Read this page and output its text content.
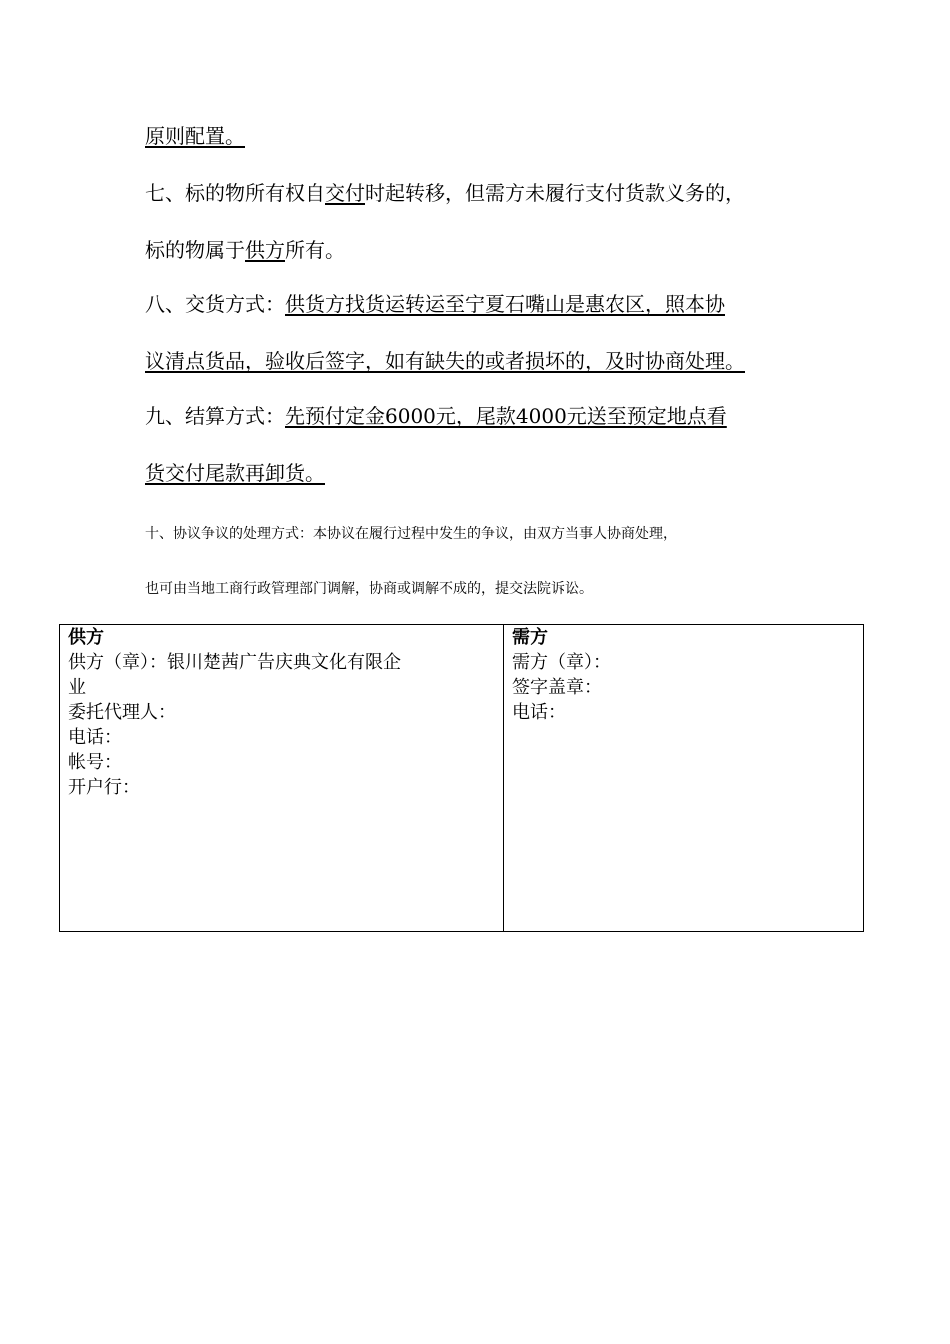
原则配置。
七、标的物所有权自交付时起转移，但需方未履行支付货款义务的，
标的物属于供方所有。
八、交货方式：供货方找货运转运至宁夏石嘴山是惠农区，照本协
议清点货品，验收后签字，如有缺失的或者损坏的，及时协商处理。
九、结算方式：先预付定金6000元，尾款4000元送至预定地点看
货交付尾款再卸货。
十、协议争议的处理方式：本协议在履行过程中发生的争议，由双方当事人协商处理，
也可由当地工商行政管理部门调解，协商或调解不成的，提交法院诉讼。
供方
供方（章）：银川楚茜广告庆典文化有限企
业
委托代理人：
电话：
帐号：
开户行：

需方
需方（章）：
签字盖章：
电话：
